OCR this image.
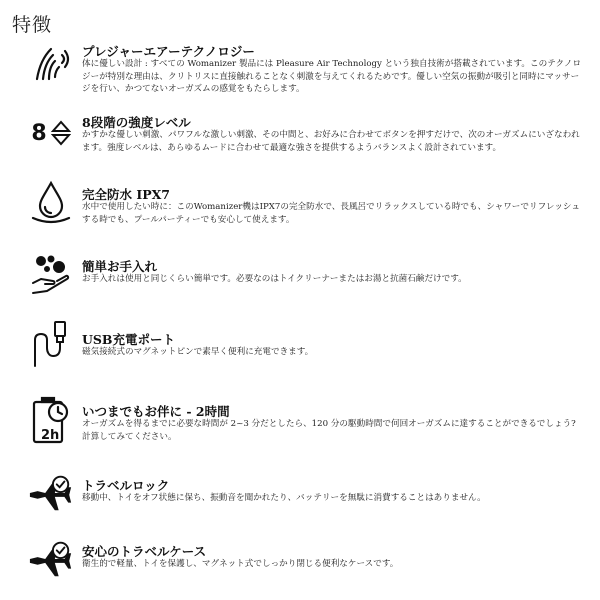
特徴
プレジャーエアーテクノロジー
体に優しい設計 : すべての Womanizer 製品には Pleasure Air Technology という独自技術が搭載されています。このテクノロジーが特別な理由は、クリトリスに直接触れることなく刺激を与えてくれるためです。優しい空気の振動が吸引と同時にマッサージを行い、かつてないオーガズムの感覚をもたらします。
8	8段階の強度レベル
かすかな優しい刺激、パワフルな激しい刺激、その中間と、お好みに合わせてボタンを押すだけで、次のオーガズムにいざなわれます。強度レベルは、あらゆるムードに合わせて最適な強さを提供するようバランスよく設計されています。
完全防水 IPX7
水中で使用したい時に：このWomanizer機はIPX7の完全防水で、長風呂でリラックスしている時でも、シャワーでリフレッシュする時でも、プールパーティーでも安心して使えます。
簡単お手入れ
お手入れは使用と同じくらい簡単です。必要なのはトイクリーナーまたはお湯と抗菌石鹸だけです。
USB充電ポート
磁気接続式のマグネットピンで素早く便利に充電できます。
2h
いつまでもお伴に - 2時間
オーガズムを得るまでに必要な時間が 2~3 分だとしたら、120 分の駆動時間で何回オーガズムに達することができるでしょう? 計算してみてください。
トラベルロック
移動中、トイをオフ状態に保ち、振動音を聞かれたり、バッテリーを無駄に消費することはありません。
安心のトラベルケース
衛生的で軽量、トイを保護し、マグネット式でしっかり閉じる便利なケースです。
